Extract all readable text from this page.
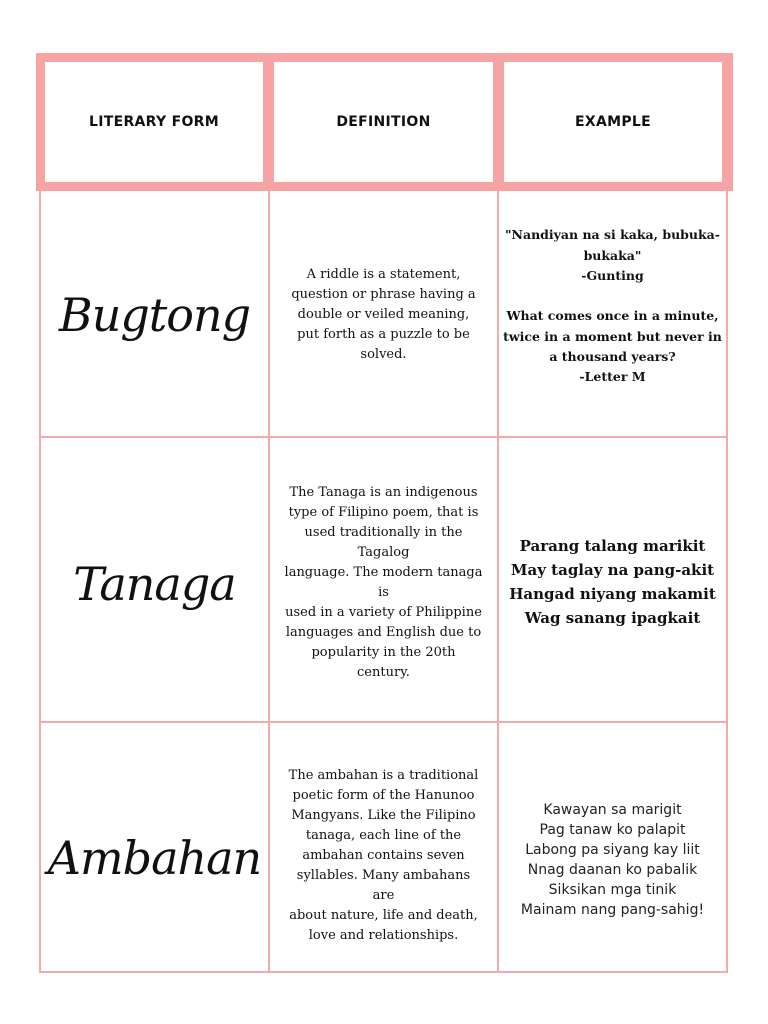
LITERARY FORM	DEFINITION	EXAMPLE
Bugtong

A riddle is a statement,

question or phrase having a

double or veiled meaning,

put forth as a puzzle to be

solved.

"Nandiyan na si kaka, bubuka-

bukaka"

-Gunting

What comes once in a minute,

twice in a moment but never in

a thousand years?

-Letter M

Tanaga

The Tanaga is an indigenous

type of Filipino poem, that is

used traditionally in the Tagalog

language. The modern tanaga is

used in a variety of Philippine

languages and English due to

popularity in the 20th century.

Parang talang marikit

May taglay na pang-akit

Hangad niyang makamit

Wag sanang ipagkait

Ambahan

The ambahan is a traditional

poetic form of the Hanunoo

Mangyans. Like the Filipino

tanaga, each line of the

ambahan contains seven

syllables. Many ambahans are

about nature, life and death,

love and relationships.

Kawayan sa marigit

Pag tanaw ko palapit

Labong pa siyang kay liit

Nnag daanan ko pabalik

Siksikan mga tinik

Mainam nang pang-sahig!
